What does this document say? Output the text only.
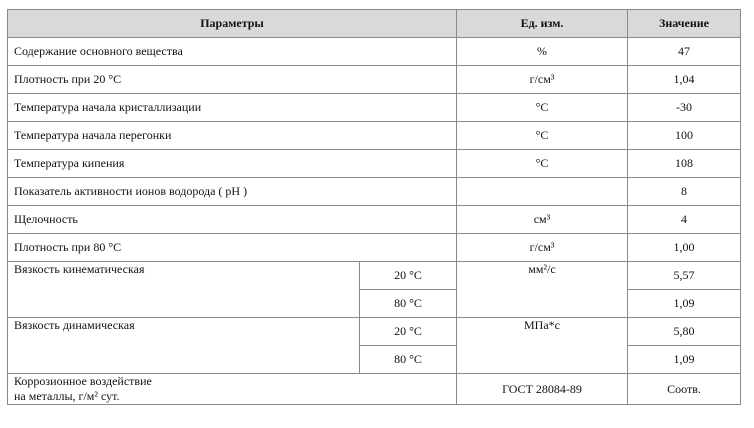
Параметры		Ед. изм.	Значение
Содержание основного вещества		%	47
Плотность при 20 °С		г/см³	1,04
Температура начала кристаллизации		°С	-30
Температура начала перегонки		°С	100
Температура кипения		°С	108
Показатель активности ионов водорода ( pH )			8
Щелочность		см³	4
Плотность при 80 °С		г/см³	1,00
Вязкость кинематическая	20 °С	мм²/с	5,57
	80 °С		1,09
Вязкость динамическая	20 °С	МПа*с	5,80
	80 °С		1,09

Коррозионное воздействие
на металлы, г/м² сут.		ГОСТ 28084-89	Соотв.
